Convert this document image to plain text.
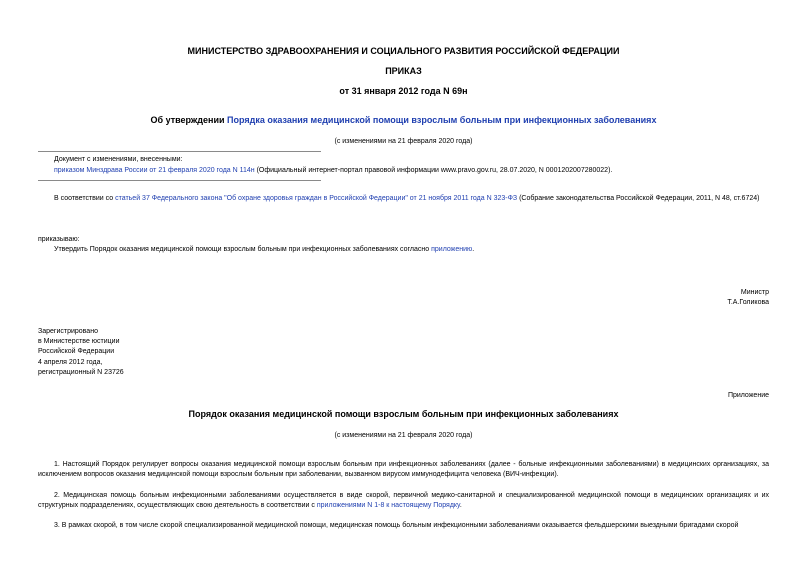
МИНИСТЕРСТВО ЗДРАВООХРАНЕНИЯ И СОЦИАЛЬНОГО РАЗВИТИЯ РОССИЙСКОЙ ФЕДЕРАЦИИ
ПРИКАЗ
от 31 января 2012 года N 69н
Об утверждении Порядка оказания медицинской помощи взрослым больным при инфекционных заболеваниях
(с изменениями на 21 февраля 2020 года)
Документ с изменениями, внесенными:
приказом Минздрава России от 21 февраля 2020 года N 114н (Официальный интернет-портал правовой информации www.pravo.gov.ru, 28.07.2020, N 0001202007280022).
В соответствии со статьей 37 Федерального закона "Об охране здоровья граждан в Российской Федерации" от 21 ноября 2011 года N 323-ФЗ (Собрание законодательства Российской Федерации, 2011, N 48, ст.6724)
приказываю:
Утвердить Порядок оказания медицинской помощи взрослым больным при инфекционных заболеваниях согласно приложению.
Министр
Т.А.Голикова
Зарегистрировано
в Министерстве юстиции
Российской Федерации
4 апреля 2012 года,
регистрационный N 23726
Приложение
Порядок оказания медицинской помощи взрослым больным при инфекционных заболеваниях
(с изменениями на 21 февраля 2020 года)
1. Настоящий Порядок регулирует вопросы оказания медицинской помощи взрослым больным при инфекционных заболеваниях (далее - больные инфекционными заболеваниями) в медицинских организациях, за исключением вопросов оказания медицинской помощи взрослым больным при заболевании, вызванном вирусом иммунодефицита человека (ВИЧ-инфекции).
2. Медицинская помощь больным инфекционными заболеваниями осуществляется в виде скорой, первичной медико-санитарной и специализированной медицинской помощи в медицинских организациях и их структурных подразделениях, осуществляющих свою деятельность в соответствии с приложениями N 1-8 к настоящему Порядку.
3. В рамках скорой, в том числе скорой специализированной медицинской помощи, медицинская помощь больным инфекционными заболеваниями оказывается фельдшерскими выездными бригадами скорой
